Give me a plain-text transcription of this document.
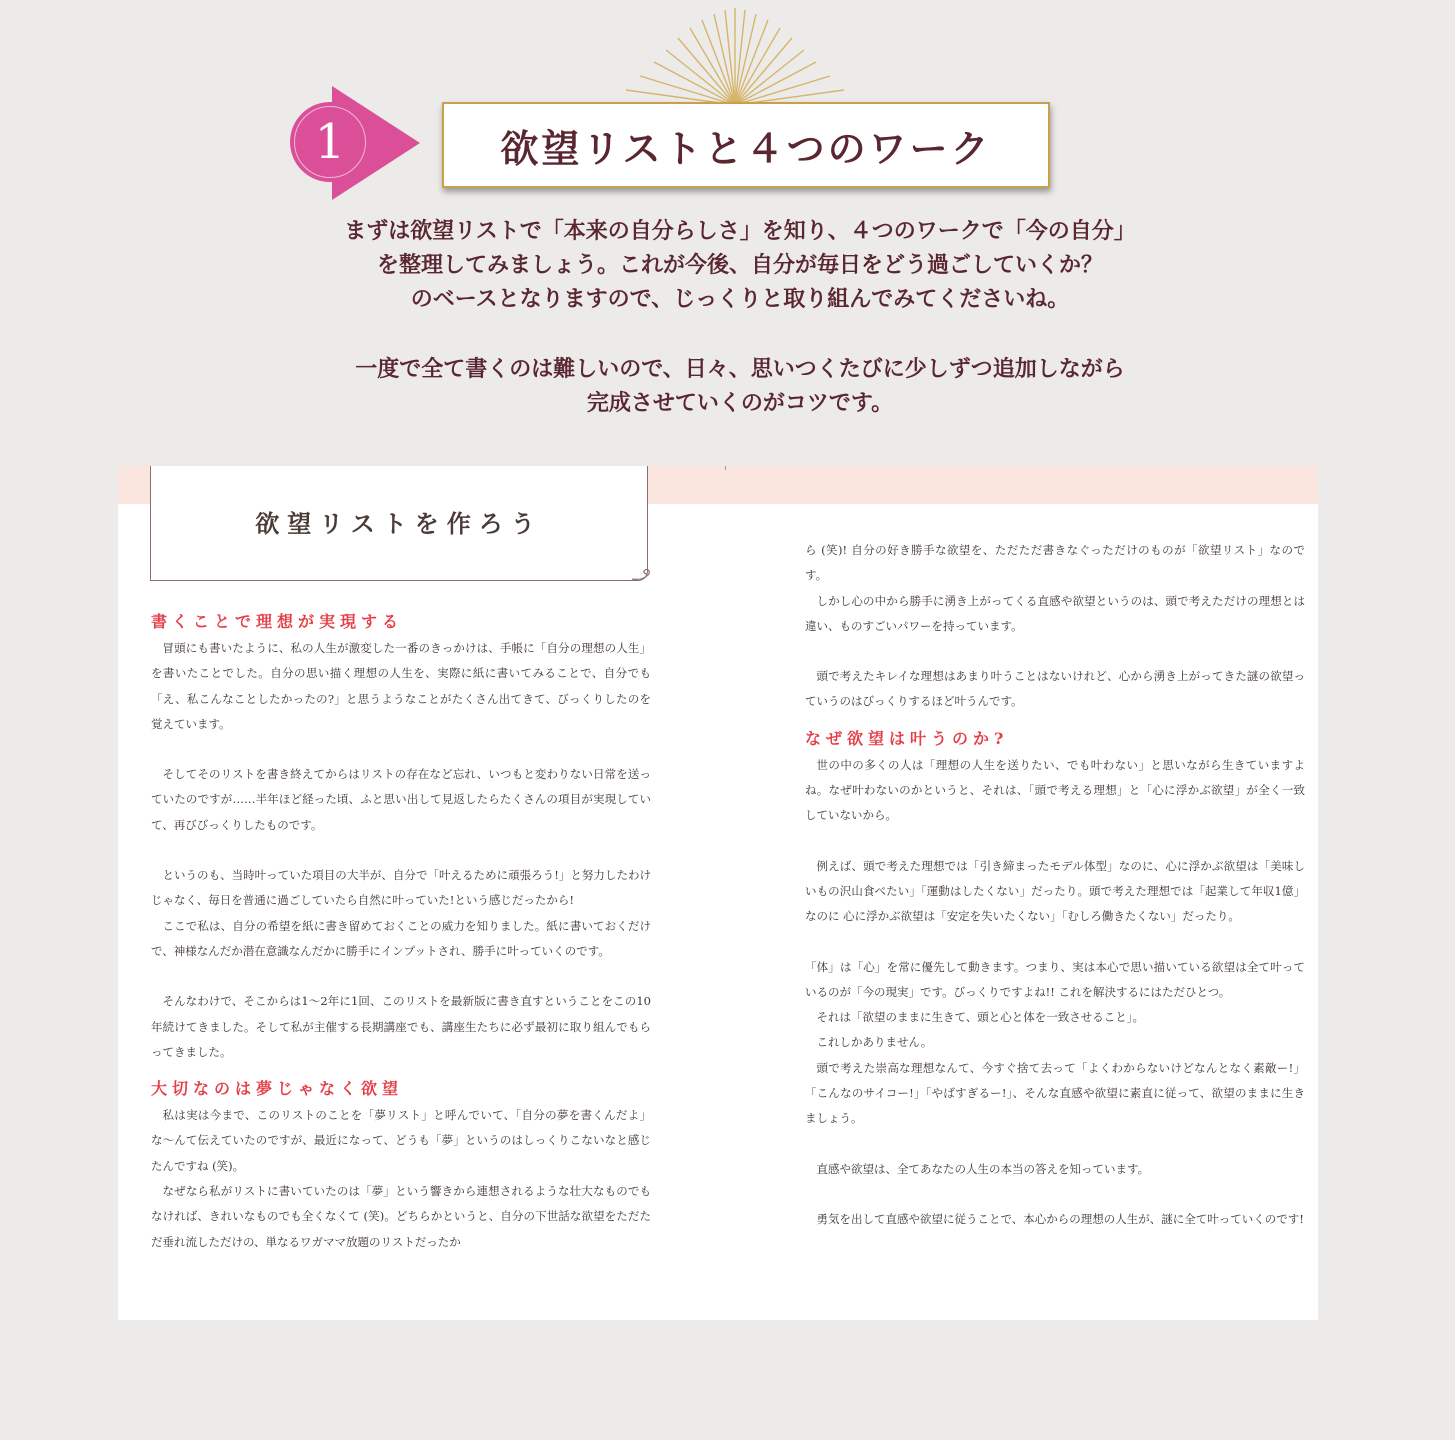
1	欲望リストと４つのワーク

まずは欲望リストで「本来の自分らしさ」を知り、４つのワークで「今の自分」

を整理してみましょう。これが今後、自分が毎日をどう過ごしていくか？

のベースとなりますので、じっくりと取り組んでみてくださいね。

一度で全て書くのは難しいので、日々、思いつくたびに少しずつ追加しながら

完成させていくのがコツです。

欲望リストを作ろう

書くことで理想が実現する

冒頭にも書いたように、私の人生が激変した一番のきっかけは、手帳に「自分の理想の人生」を書いたことでした。自分の思い描く理想の人生を、実際に紙に書いてみることで、自分でも「え、私こんなことしたかったの?」と思うようなことがたくさん出てきて、びっくりしたのを覚えています。

そしてそのリストを書き終えてからはリストの存在など忘れ、いつもと変わりない日常を送っていたのですが……半年ほど経った頃、ふと思い出して見返したらたくさんの項目が実現していて、再びびっくりしたものです。

というのも、当時叶っていた項目の大半が、自分で「叶えるために頑張ろう!」と努力したわけじゃなく、毎日を普通に過ごしていたら自然に叶っていた!という感じだったから!

ここで私は、自分の希望を紙に書き留めておくことの威力を知りました。紙に書いておくだけで、神様なんだか潜在意識なんだかに勝手にインプットされ、勝手に叶っていくのです。

そんなわけで、そこからは1〜2年に1回、このリストを最新版に書き直すということをこの10年続けてきました。そして私が主催する長期講座でも、講座生たちに必ず最初に取り組んでもらってきました。

大切なのは夢じゃなく欲望

私は実は今まで、このリストのことを「夢リスト」と呼んでいて、「自分の夢を書くんだよ」な〜んて伝えていたのですが、最近になって、どうも「夢」というのはしっくりこないなと感じたんですね (笑)。

なぜなら私がリストに書いていたのは「夢」という響きから連想されるような壮大なものでもなければ、きれいなものでも全くなくて (笑)。どちらかというと、自分の下世話な欲望をただただ垂れ流しただけの、単なるワガママ放題のリストだったか

ら (笑)! 自分の好き勝手な欲望を、ただただ書きなぐっただけのものが「欲望リスト」なのです。

しかし心の中から勝手に湧き上がってくる直感や欲望というのは、頭で考えただけの理想とは違い、ものすごいパワーを持っています。

頭で考えたキレイな理想はあまり叶うことはないけれど、心から湧き上がってきた謎の欲望っていうのはびっくりするほど叶うんです。

なぜ欲望は叶うのか?

世の中の多くの人は「理想の人生を送りたい、でも叶わない」と思いながら生きていますよね。なぜ叶わないのかというと、それは、「頭で考える理想」と「心に浮かぶ欲望」が全く一致していないから。

例えば、頭で考えた理想では「引き締まったモデル体型」なのに、心に浮かぶ欲望は「美味しいもの沢山食べたい」「運動はしたくない」だったり。頭で考えた理想では「起業して年収1億」なのに 心に浮かぶ欲望は「安定を失いたくない」「むしろ働きたくない」だったり。

「体」は「心」を常に優先して動きます。つまり、実は本心で思い描いている欲望は全て叶っているのが「今の現実」です。びっくりですよね!! これを解決するにはただひとつ。

それは「欲望のままに生きて、頭と心と体を一致させること」。

これしかありません。

頭で考えた崇高な理想なんて、今すぐ捨て去って「よくわからないけどなんとなく素敵ー!」「こんなのサイコー!」「やばすぎるー!」、そんな直感や欲望に素直に従って、欲望のままに生きましょう。

直感や欲望は、全てあなたの人生の本当の答えを知っています。

勇気を出して直感や欲望に従うことで、本心からの理想の人生が、謎に全て叶っていくのです!
